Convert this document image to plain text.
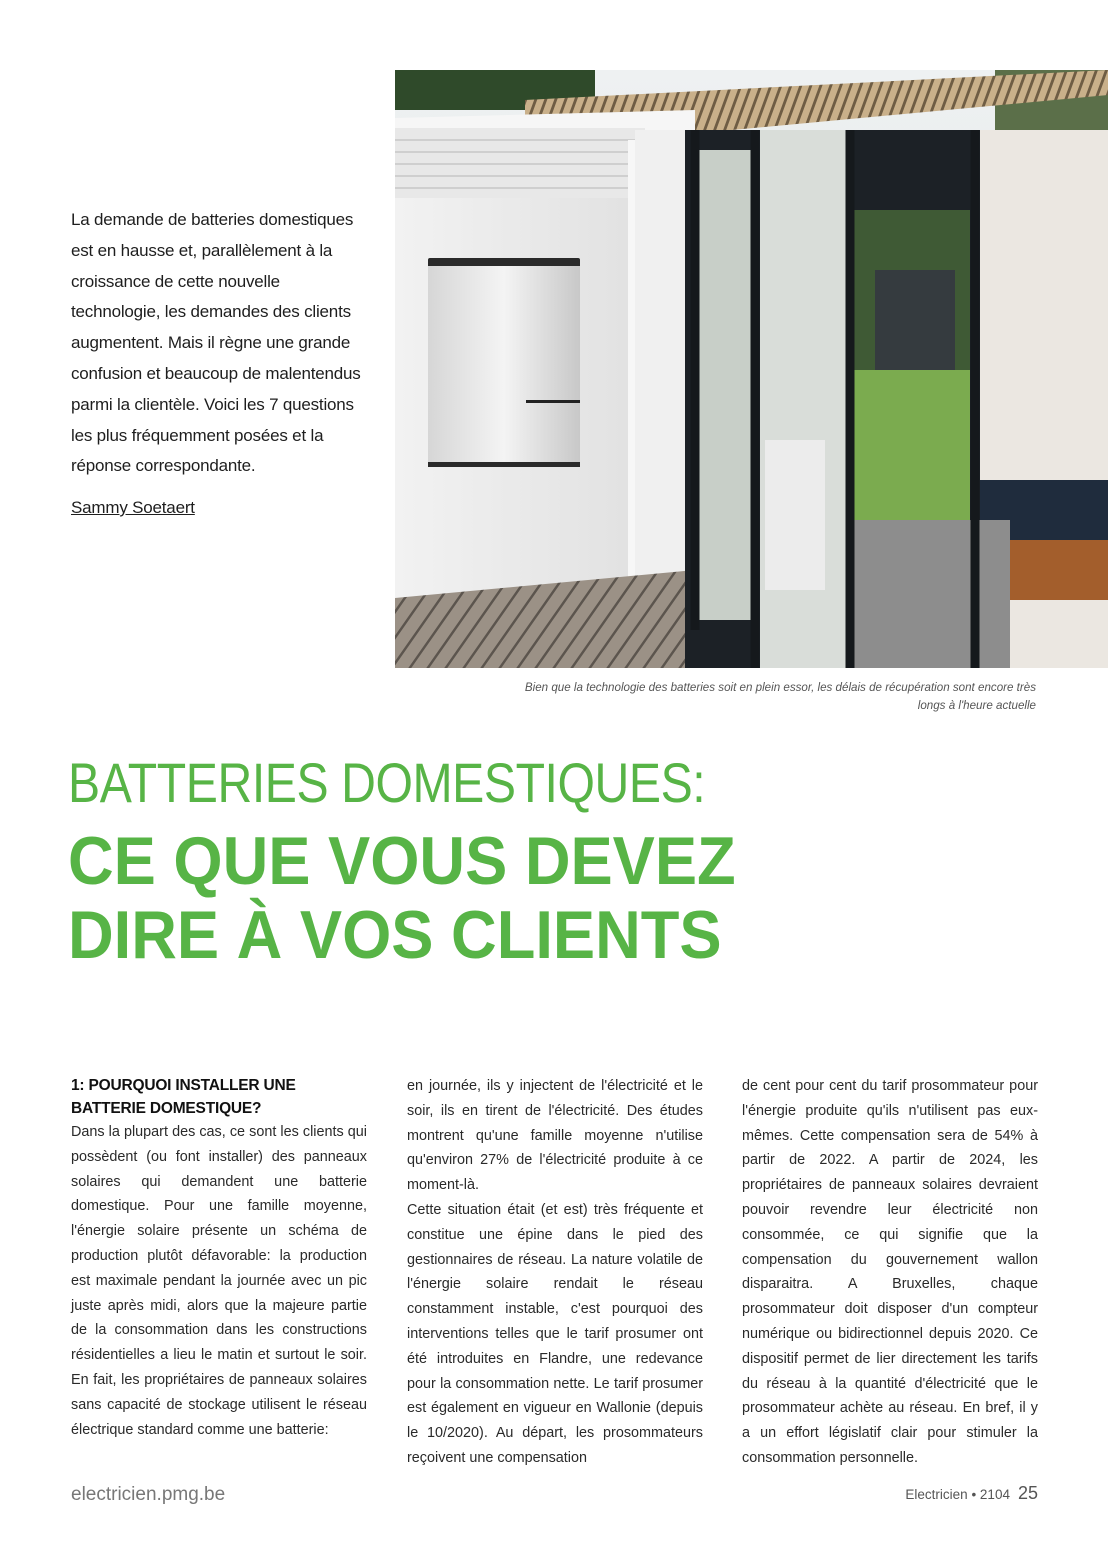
La demande de batteries domestiques est en hausse et, parallèlement à la croissance de cette nouvelle technologie, les demandes des clients augmentent. Mais il règne une grande confusion et beaucoup de malentendus parmi la clientèle. Voici les 7 questions les plus fréquemment posées et la réponse correspondante.

Sammy Soetaert
Bien que la technologie des batteries soit en plein essor, les délais de récupération sont encore très longs à l'heure actuelle
BATTERIES DOMESTIQUES:
CE QUE VOUS DEVEZ
DIRE À VOS CLIENTS
1: POURQUOI INSTALLER UNE BATTERIE DOMESTIQUE?

Dans la plupart des cas, ce sont les clients qui possèdent (ou font installer) des panneaux solaires qui demandent une batterie domestique. Pour une famille moyenne, l'énergie solaire présente un schéma de production plutôt défavorable: la production est maximale pendant la journée avec un pic juste après midi, alors que la majeure partie de la consommation dans les constructions résidentielles a lieu le matin et surtout le soir. En fait, les propriétaires de panneaux solaires sans capacité de stockage utilisent le réseau électrique standard comme une batterie:

en journée, ils y injectent de l'électricité et le soir, ils en tirent de l'électricité. Des études montrent qu'une famille moyenne n'utilise qu'environ 27% de l'électricité produite à ce moment-là.

Cette situation était (et est) très fréquente et constitue une épine dans le pied des gestionnaires de réseau. La nature volatile de l'énergie solaire rendait le réseau constamment instable, c'est pourquoi des interventions telles que le tarif prosumer ont été introduites en Flandre, une redevance pour la consommation nette. Le tarif prosumer est également en vigueur en Wallonie (depuis le 10/2020). Au départ, les prosommateurs reçoivent une compensation

de cent pour cent du tarif prosommateur pour l'énergie produite qu'ils n'utilisent pas eux-mêmes. Cette compensation sera de 54% à partir de 2022. A partir de 2024, les propriétaires de panneaux solaires devraient pouvoir revendre leur électricité non consommée, ce qui signifie que la compensation du gouvernement wallon disparaitra. A Bruxelles, chaque prosommateur doit disposer d'un compteur numérique ou bidirectionnel depuis 2020. Ce dispositif permet de lier directement les tarifs du réseau à la quantité d'électricité que le prosommateur achète au réseau. En bref, il y a un effort législatif clair pour stimuler la consommation personnelle.

electricien.pmg.be	Electricien • 2104 25
